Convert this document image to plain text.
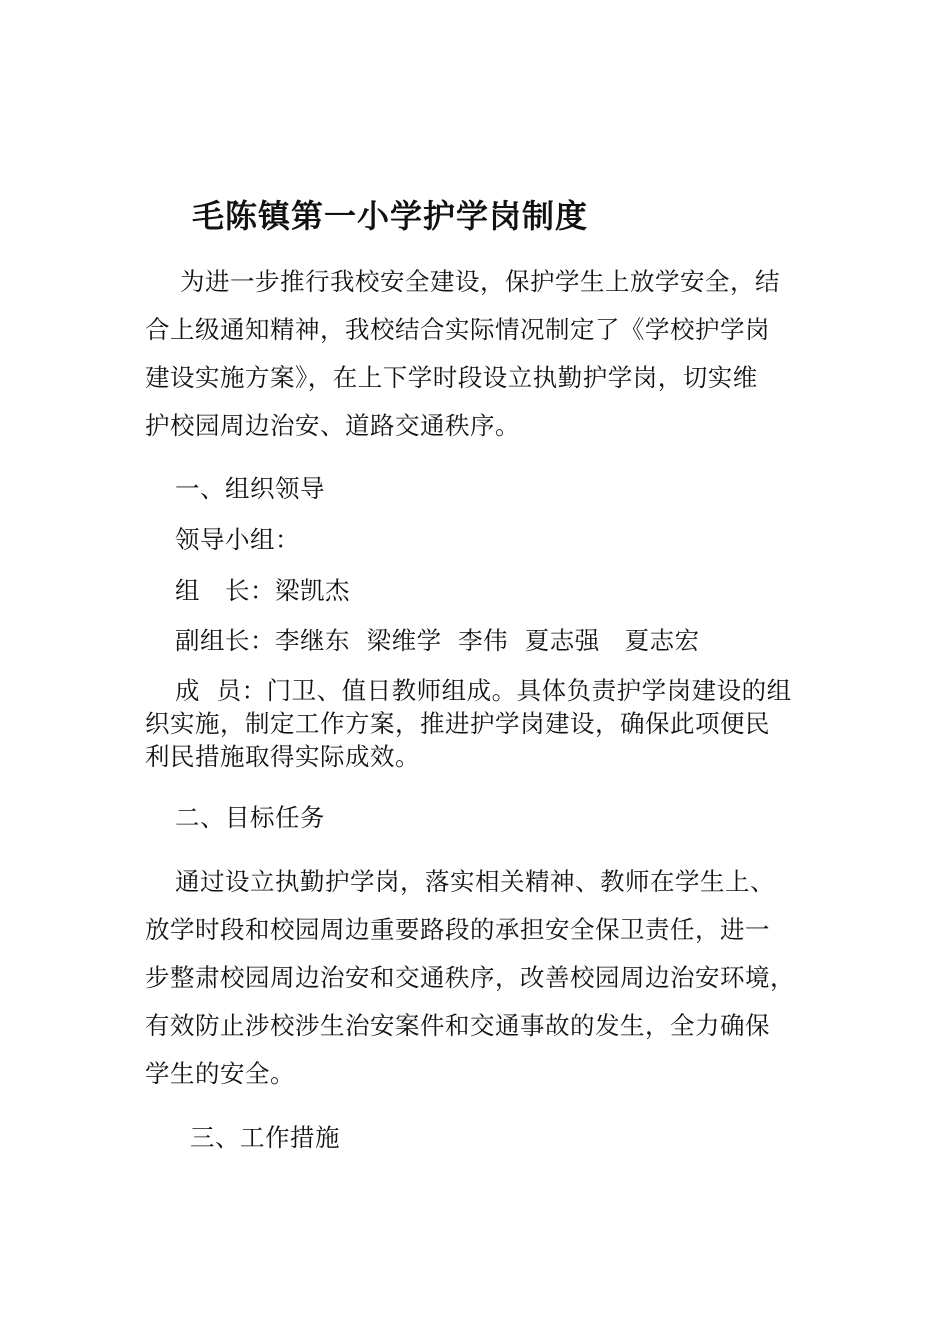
毛陈镇第一小学护学岗制度
为进一步推行我校安全建设，保护学生上放学安全，结
合上级通知精神，我校结合实际情况制定了《学校护学岗
建设实施方案》，在上下学时段设立执勤护学岗，切实维
护校园周边治安、道路交通秩序。
一、组织领导
领导小组：
组　长：梁凯杰
副组长：李继东  梁维学  李伟  夏志强   夏志宏
成  员：门卫、值日教师组成。具体负责护学岗建设的组
织实施，制定工作方案，推进护学岗建设，确保此项便民
利民措施取得实际成效。
二、目标任务
通过设立执勤护学岗，落实相关精神、教师在学生上、
放学时段和校园周边重要路段的承担安全保卫责任，进一
步整肃校园周边治安和交通秩序，改善校园周边治安环境，
有效防止涉校涉生治安案件和交通事故的发生，全力确保
学生的安全。
三、工作措施
